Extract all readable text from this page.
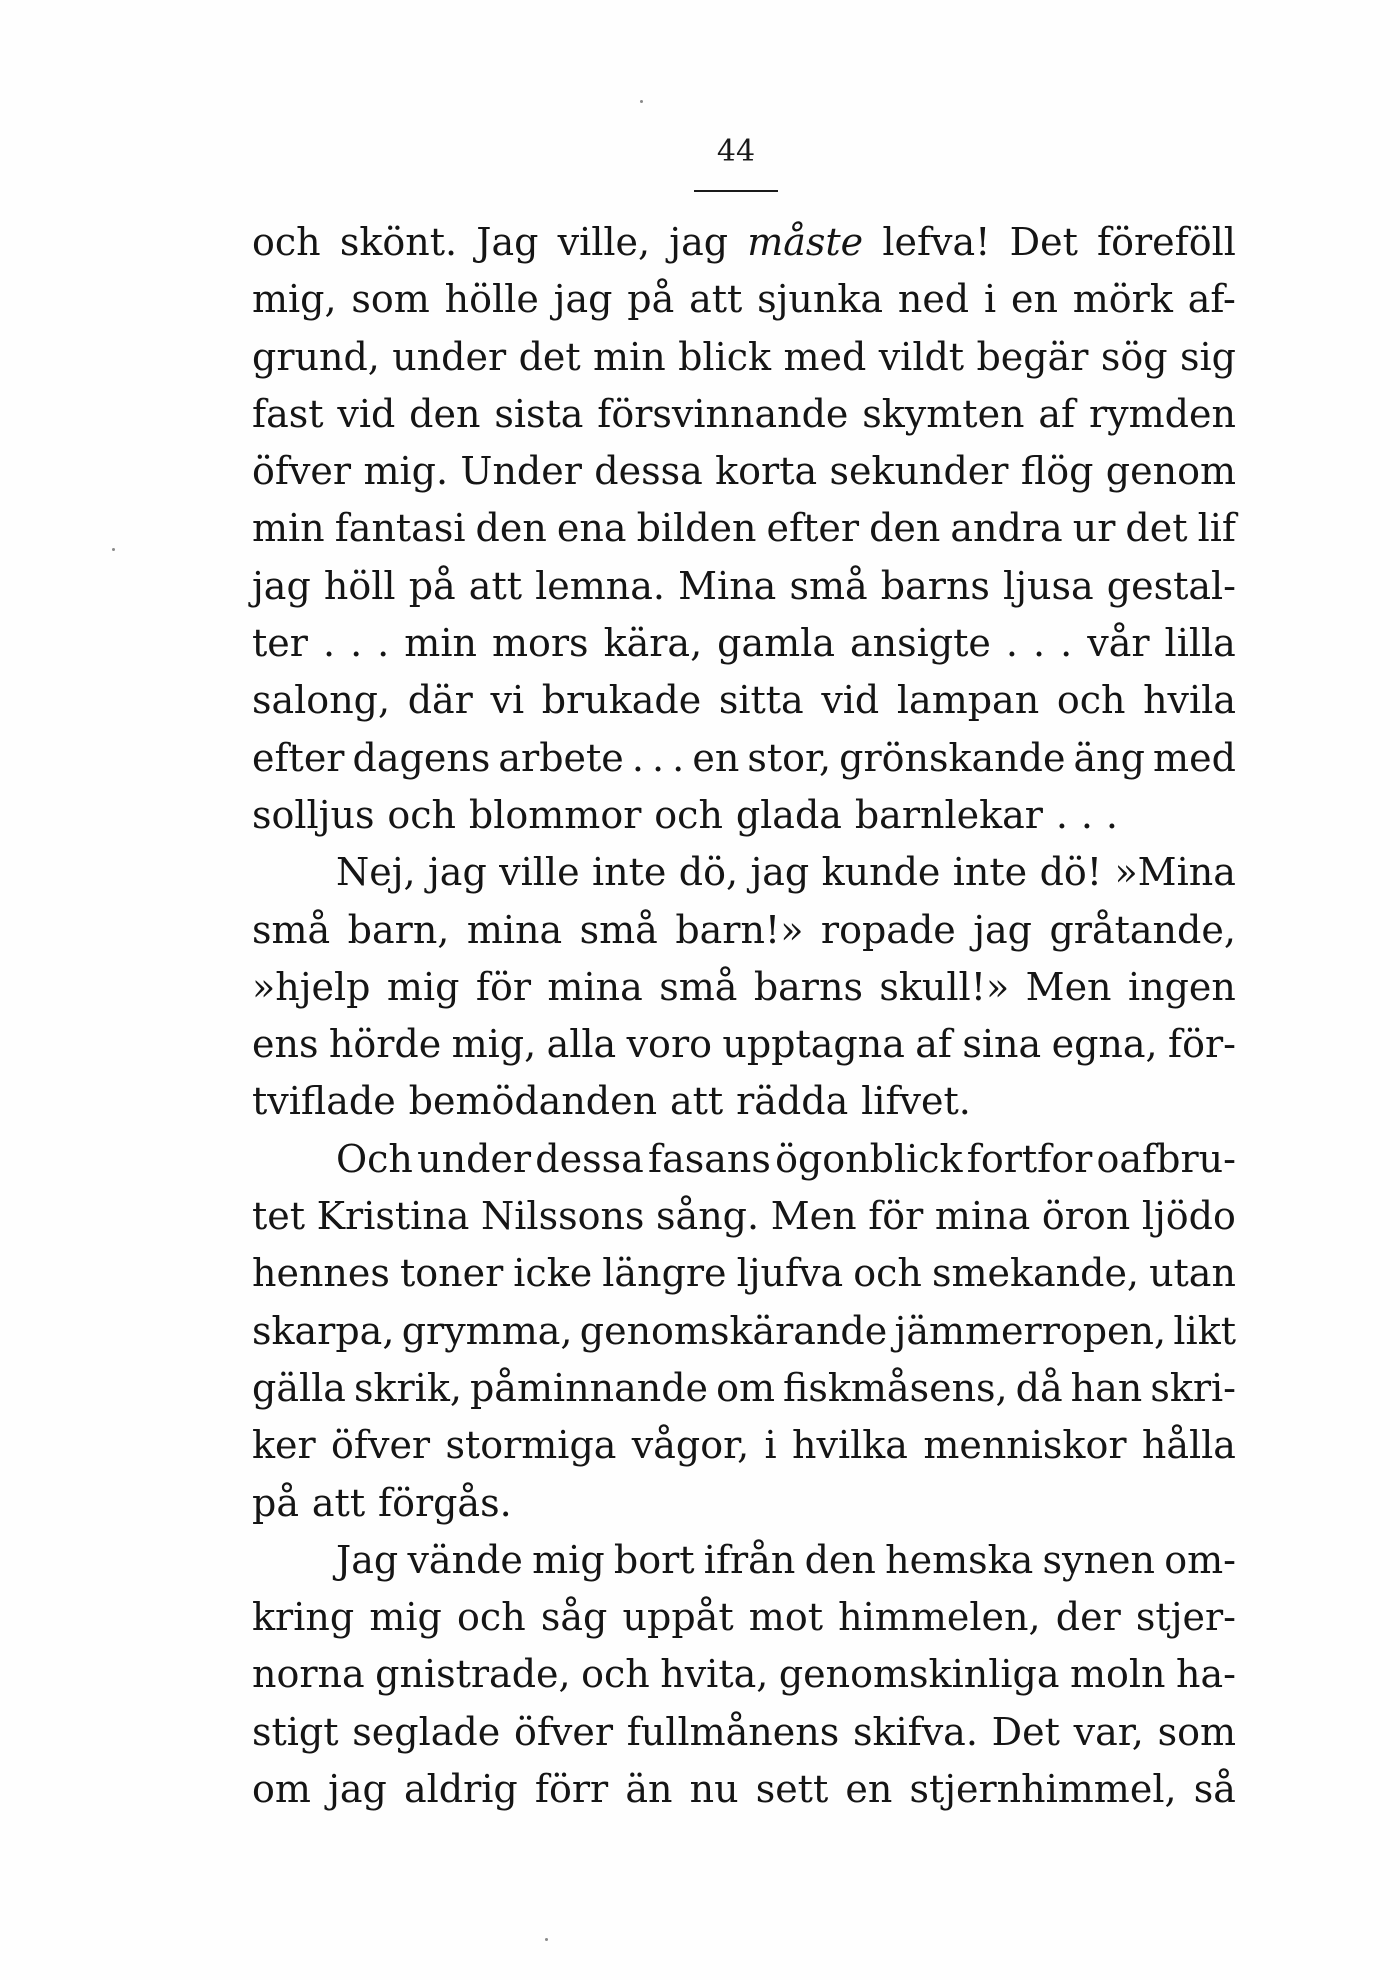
44
och skönt. Jag ville, jag måste lefva! Det föreföll
mig, som hölle jag på att sjunka ned i en mörk af-
grund, under det min blick med vildt begär sög sig
fast vid den sista försvinnande skymten af rymden
öfver mig. Under dessa korta sekunder flög genom
min fantasi den ena bilden efter den andra ur det lif
jag höll på att lemna. Mina små barns ljusa gestal-
ter . . . min mors kära, gamla ansigte . . . vår lilla
salong, där vi brukade sitta vid lampan och hvila
efter dagens arbete . . . en stor, grönskande äng med
solljus och blommor och glada barnlekar . . .
Nej, jag ville inte dö, jag kunde inte dö! »Mina
små barn, mina små barn!» ropade jag gråtande,
»hjelp mig för mina små barns skull!» Men ingen
ens hörde mig, alla voro upptagna af sina egna, för-
tviflade bemödanden att rädda lifvet.
Och under dessa fasans ögonblick fortfor oafbru-
tet Kristina Nilssons sång. Men för mina öron ljödo
hennes toner icke längre ljufva och smekande, utan
skarpa, grymma, genomskärande jämmerropen, likt
gälla skrik, påminnande om fiskmåsens, då han skri-
ker öfver stormiga vågor, i hvilka menniskor hålla
på att förgås.
Jag vände mig bort ifrån den hemska synen om-
kring mig och såg uppåt mot himmelen, der stjer-
norna gnistrade, och hvita, genomskinliga moln ha-
stigt seglade öfver fullmånens skifva. Det var, som
om jag aldrig förr än nu sett en stjernhimmel, så
